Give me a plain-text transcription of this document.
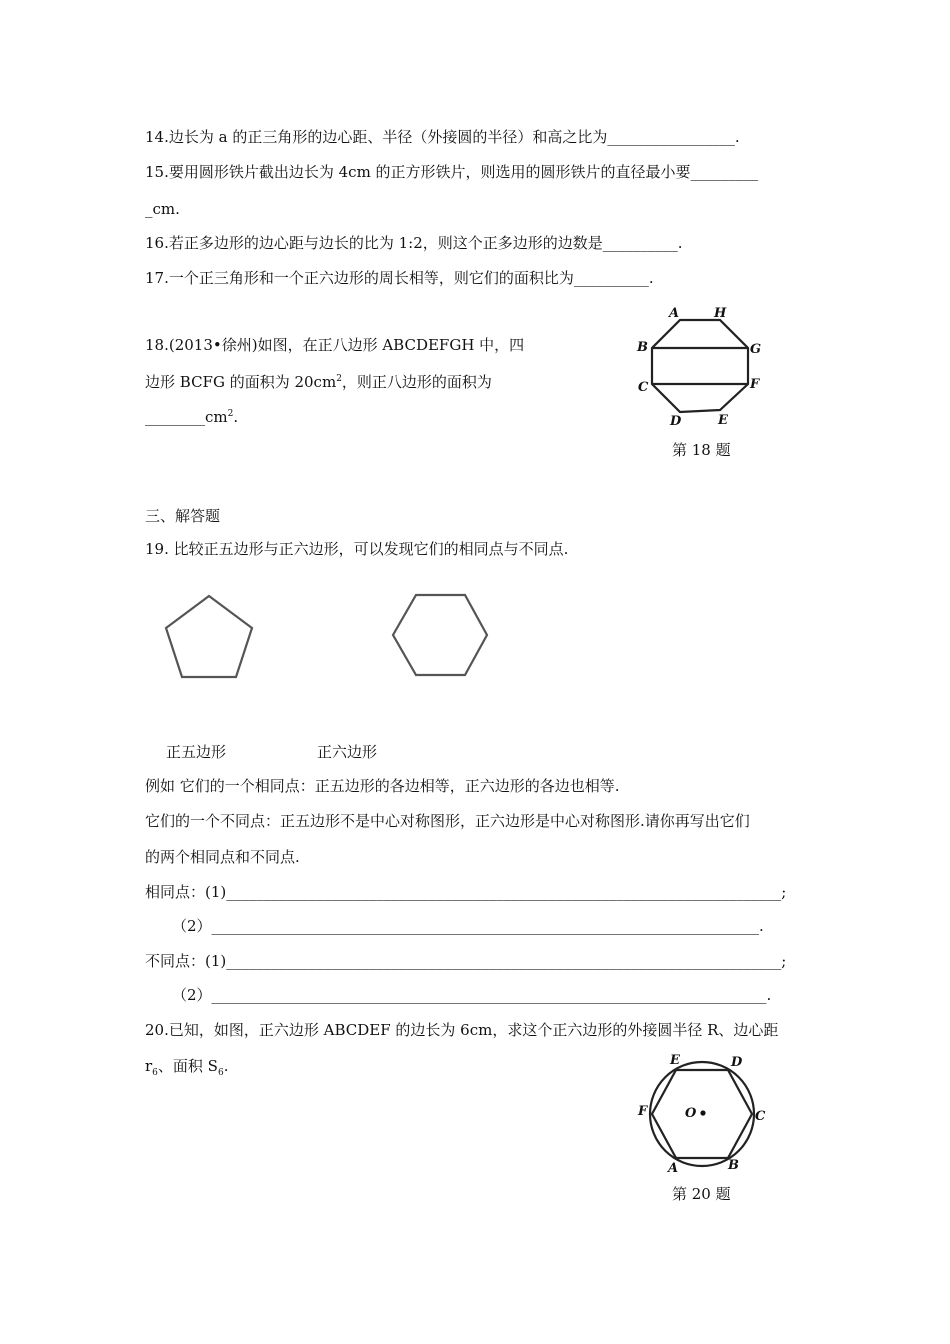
14.边长为 a 的正三角形的边心距、半径（外接圆的半径）和高之比为_________________.
15.要用圆形铁片截出边长为 4cm 的正方形铁片，则选用的圆形铁片的直径最小要_________
_cm.
16.若正多边形的边心距与边长的比为 1:2，则这个正多边形的边数是__________.
17.一个正三角形和一个正六边形的周长相等，则它们的面积比为__________.
18.(2013•徐州)如图，在正八边形 ABCDEFGH 中，四
边形 BCFG 的面积为 $20cm^2$，则正八边形的面积为
$\_\_\_\_\_\_\_\_cm^2$.
A	H
B	G
C	F
D	E
第 18 题
三、解答题
19. 比较正五边形与正六边形，可以发现它们的相同点与不同点.
正五边形	正六边形
例如 它们的一个相同点：正五边形的各边相等，正六边形的各边也相等.
它们的一个不同点：正五边形不是中心对称图形，正六边形是中心对称图形.请你再写出它们
的两个相同点和不同点.
相同点：(1)__________________________________________________________________________;
（2）_________________________________________________________________________.
不同点：(1)__________________________________________________________________________;
（2）__________________________________________________________________________.
20.已知，如图，正六边形 ABCDEF 的边长为 6cm，求这个正六边形的外接圆半径 R、边心距
$r_6$、面积 $S_6$.	E	D
F	C
A	B
O
第 20 题
